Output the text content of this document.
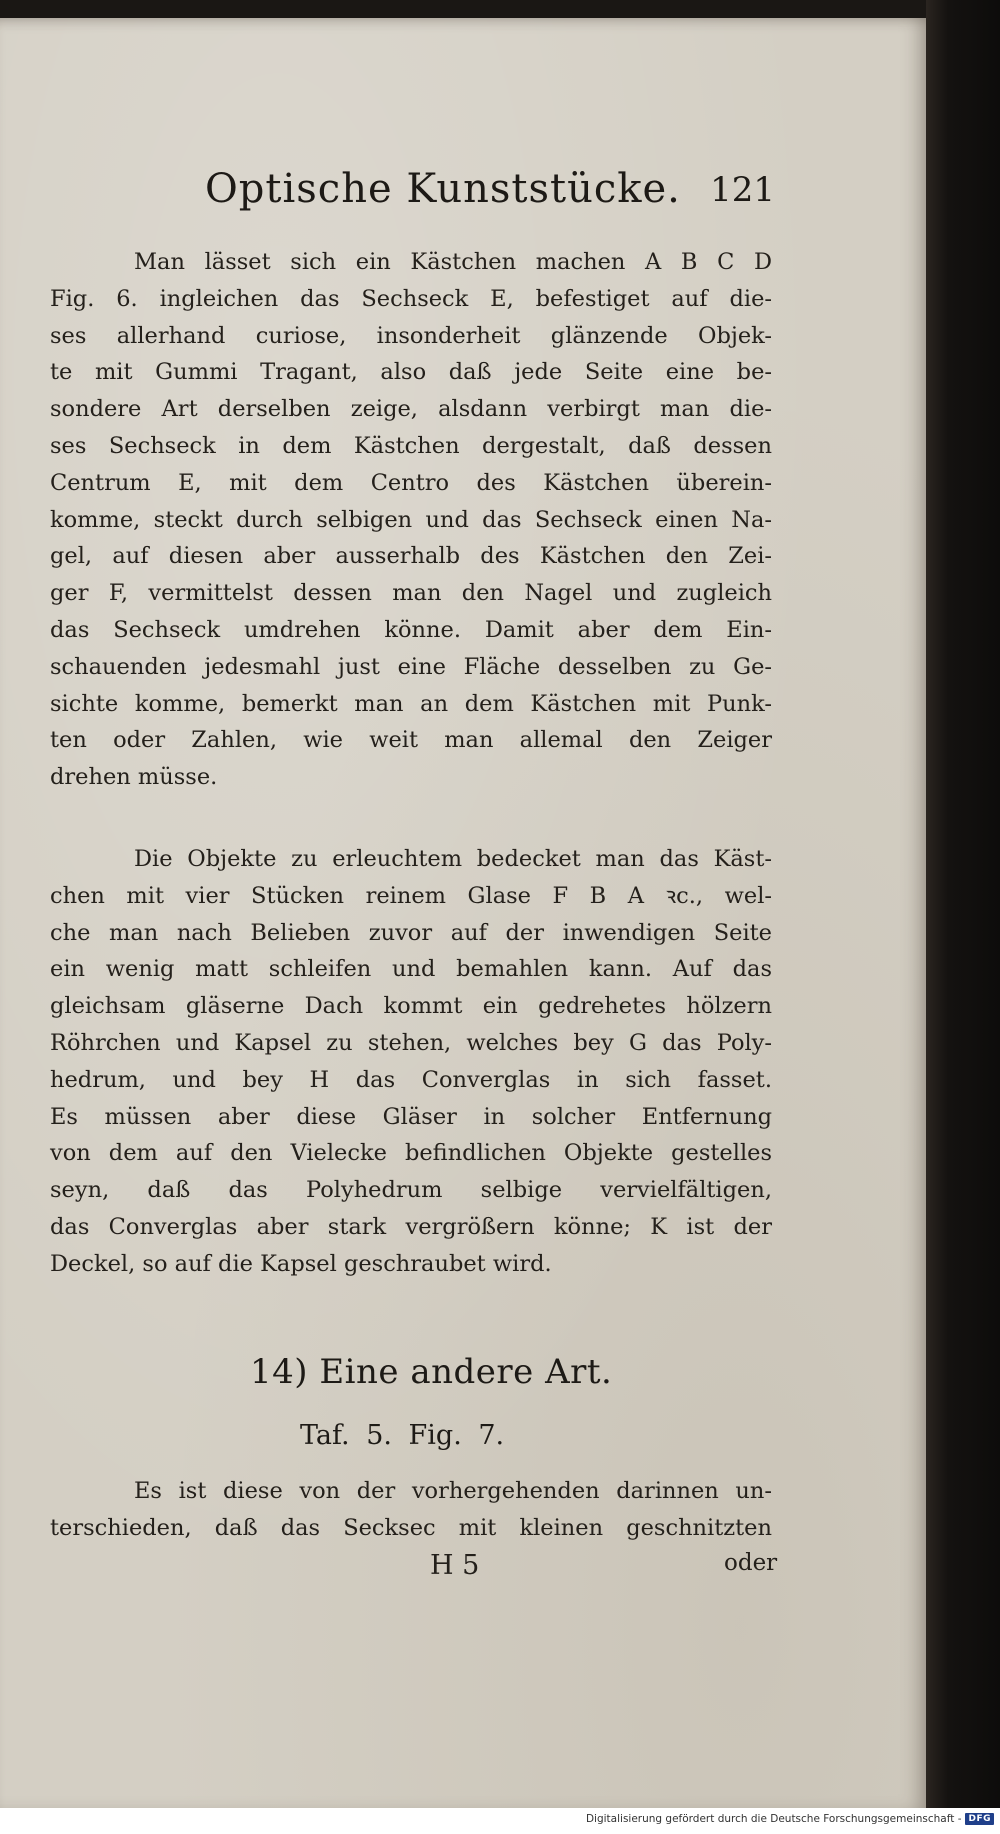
Optische Kunststücke. 121
Man lässet sich ein Kästchen machen A B C D
Fig. 6. ingleichen das Sechseck E, befestiget auf die-
ses allerhand curiose, insonderheit glänzende Objek-
te mit Gummi Tragant, also daß jede Seite eine be-
sondere Art derselben zeige, alsdann verbirgt man die-
ses Sechseck in dem Kästchen dergestalt, daß dessen
Centrum E, mit dem Centro des Kästchen überein-
komme, steckt durch selbigen und das Sechseck einen Na-
gel, auf diesen aber ausserhalb des Kästchen den Zei-
ger F, vermittelst dessen man den Nagel und zugleich
das Sechseck umdrehen könne. Damit aber dem Ein-
schauenden jedesmahl just eine Fläche desselben zu Ge-
sichte komme, bemerkt man an dem Kästchen mit Punk-
ten oder Zahlen, wie weit man allemal den Zeiger
drehen müsse.
Die Objekte zu erleuchtem bedecket man das Käst-
chen mit vier Stücken reinem Glase F B A ꝛc., wel-
che man nach Belieben zuvor auf der inwendigen Seite
ein wenig matt schleifen und bemahlen kann. Auf das
gleichsam gläserne Dach kommt ein gedrehetes hölzern
Röhrchen und Kapsel zu stehen, welches bey G das Poly-
hedrum, und bey H das Converglas in sich fasset.
Es müssen aber diese Gläser in solcher Entfernung
von dem auf den Vielecke befindlichen Objekte gestelles
seyn, daß das Polyhedrum selbige vervielfältigen,
das Converglas aber stark vergrößern könne; K ist der
Deckel, so auf die Kapsel geschraubet wird.
14) Eine andere Art.
Taf. 5. Fig. 7.
Es ist diese von der vorhergehenden darinnen un-
terschieden, daß das Secksec mit kleinen geschnitzten
H 5	oder
Digitalisierung gefördert durch die Deutsche Forschungsgemeinschaft - DFG
